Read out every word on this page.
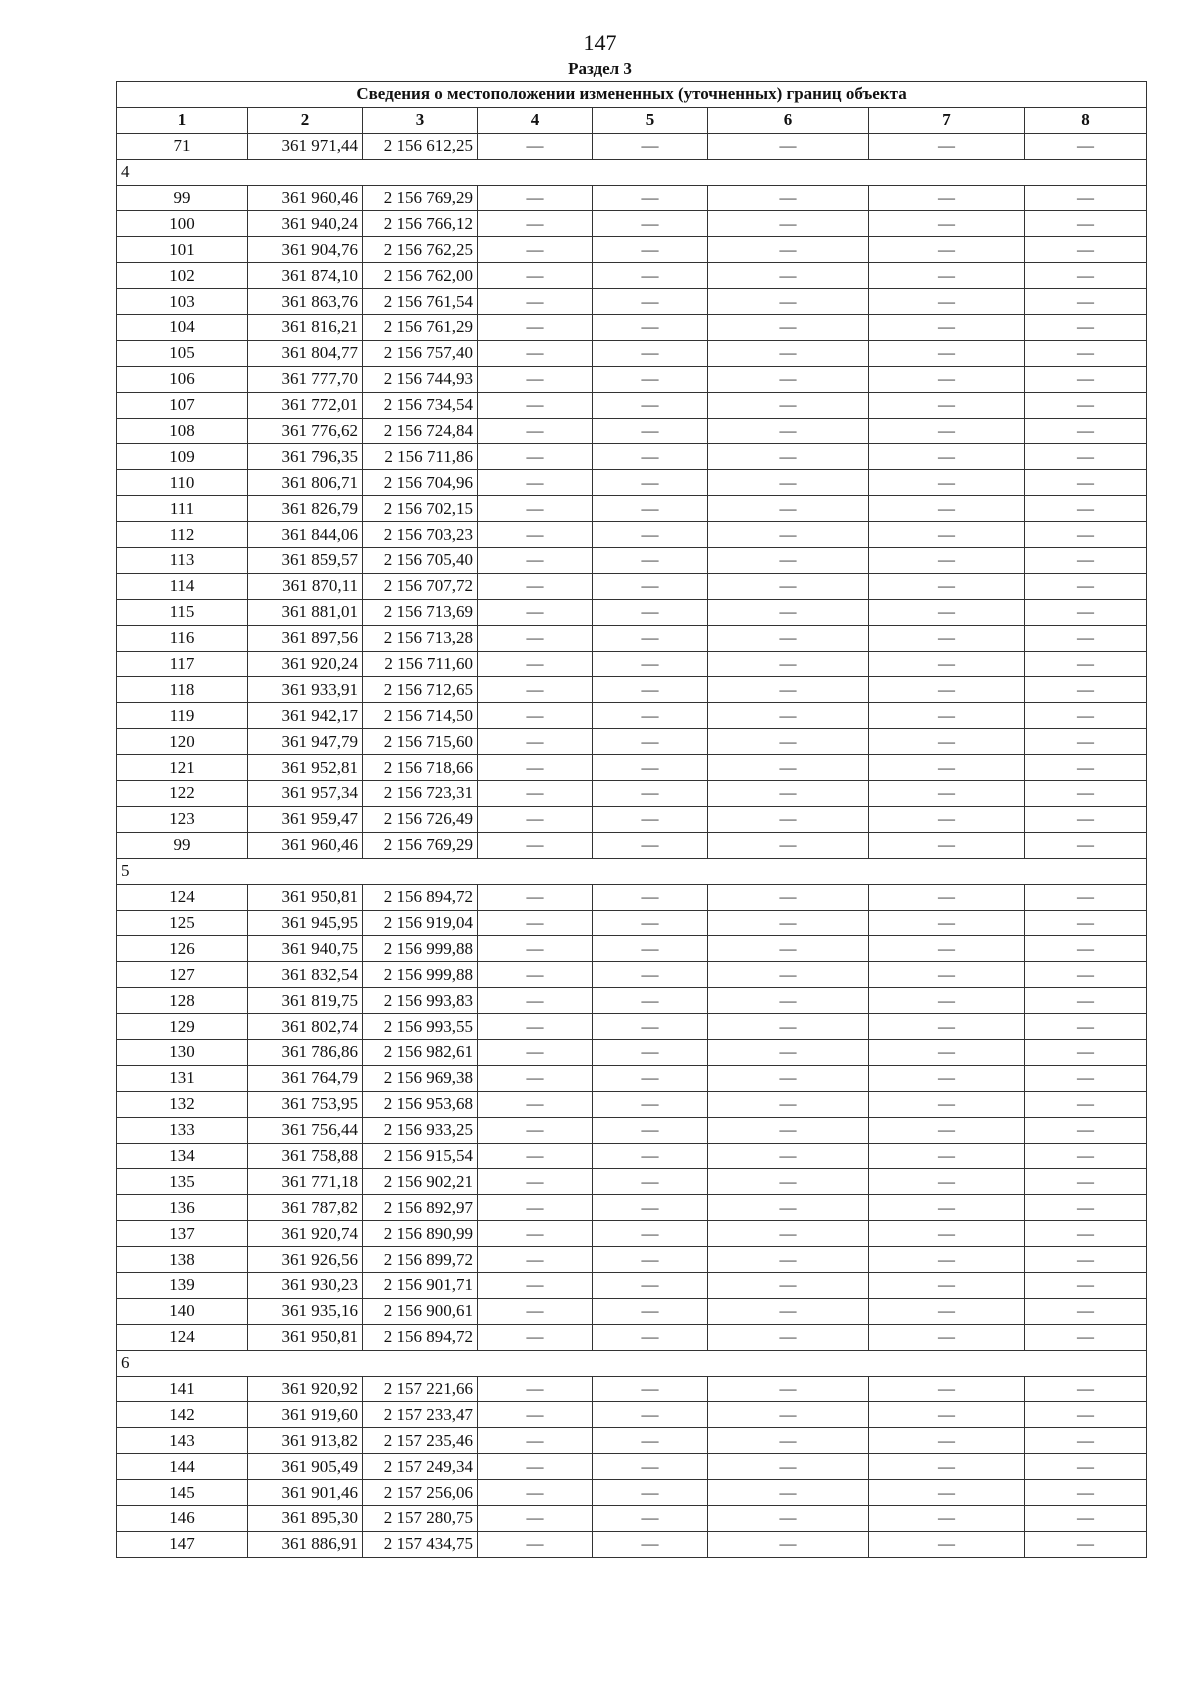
147
Раздел 3
Сведения о местоположении измененных (уточненных) границ объекта							
1	2	3	4	5	6	7	8
71	361 971,44	2 156 612,25	—	—	—	—	—
4							
99	361 960,46	2 156 769,29	—	—	—	—	—
100	361 940,24	2 156 766,12	—	—	—	—	—
101	361 904,76	2 156 762,25	—	—	—	—	—
102	361 874,10	2 156 762,00	—	—	—	—	—
103	361 863,76	2 156 761,54	—	—	—	—	—
104	361 816,21	2 156 761,29	—	—	—	—	—
105	361 804,77	2 156 757,40	—	—	—	—	—
106	361 777,70	2 156 744,93	—	—	—	—	—
107	361 772,01	2 156 734,54	—	—	—	—	—
108	361 776,62	2 156 724,84	—	—	—	—	—
109	361 796,35	2 156 711,86	—	—	—	—	—
110	361 806,71	2 156 704,96	—	—	—	—	—
111	361 826,79	2 156 702,15	—	—	—	—	—
112	361 844,06	2 156 703,23	—	—	—	—	—
113	361 859,57	2 156 705,40	—	—	—	—	—
114	361 870,11	2 156 707,72	—	—	—	—	—
115	361 881,01	2 156 713,69	—	—	—	—	—
116	361 897,56	2 156 713,28	—	—	—	—	—
117	361 920,24	2 156 711,60	—	—	—	—	—
118	361 933,91	2 156 712,65	—	—	—	—	—
119	361 942,17	2 156 714,50	—	—	—	—	—
120	361 947,79	2 156 715,60	—	—	—	—	—
121	361 952,81	2 156 718,66	—	—	—	—	—
122	361 957,34	2 156 723,31	—	—	—	—	—
123	361 959,47	2 156 726,49	—	—	—	—	—
99	361 960,46	2 156 769,29	—	—	—	—	—
5							
124	361 950,81	2 156 894,72	—	—	—	—	—
125	361 945,95	2 156 919,04	—	—	—	—	—
126	361 940,75	2 156 999,88	—	—	—	—	—
127	361 832,54	2 156 999,88	—	—	—	—	—
128	361 819,75	2 156 993,83	—	—	—	—	—
129	361 802,74	2 156 993,55	—	—	—	—	—
130	361 786,86	2 156 982,61	—	—	—	—	—
131	361 764,79	2 156 969,38	—	—	—	—	—
132	361 753,95	2 156 953,68	—	—	—	—	—
133	361 756,44	2 156 933,25	—	—	—	—	—
134	361 758,88	2 156 915,54	—	—	—	—	—
135	361 771,18	2 156 902,21	—	—	—	—	—
136	361 787,82	2 156 892,97	—	—	—	—	—
137	361 920,74	2 156 890,99	—	—	—	—	—
138	361 926,56	2 156 899,72	—	—	—	—	—
139	361 930,23	2 156 901,71	—	—	—	—	—
140	361 935,16	2 156 900,61	—	—	—	—	—
124	361 950,81	2 156 894,72	—	—	—	—	—
6							
141	361 920,92	2 157 221,66	—	—	—	—	—
142	361 919,60	2 157 233,47	—	—	—	—	—
143	361 913,82	2 157 235,46	—	—	—	—	—
144	361 905,49	2 157 249,34	—	—	—	—	—
145	361 901,46	2 157 256,06	—	—	—	—	—
146	361 895,30	2 157 280,75	—	—	—	—	—
147	361 886,91	2 157 434,75	—	—	—	—	—
